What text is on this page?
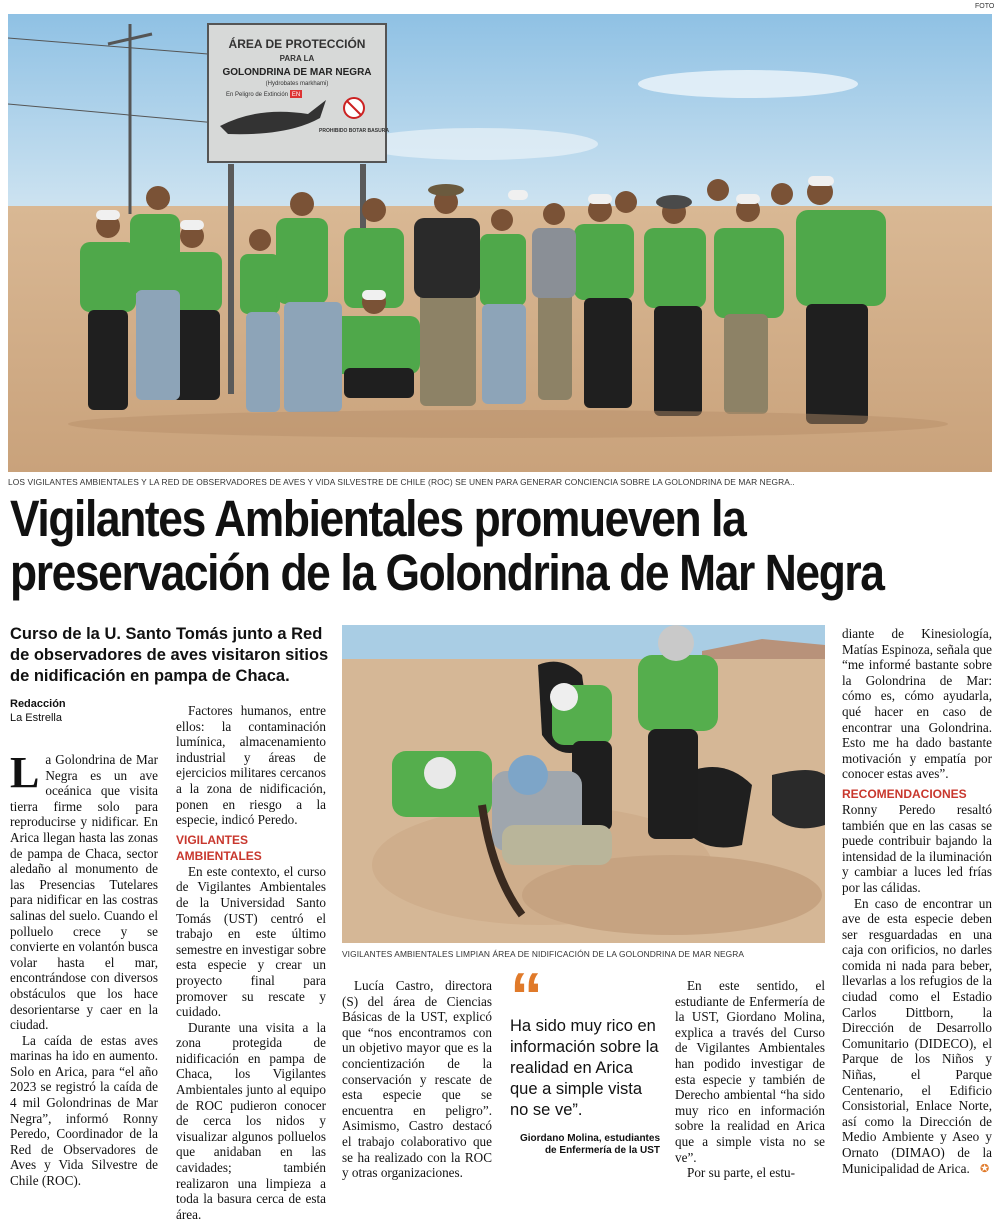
FOTO
ÁREA DE PROTECCIÓN
PARA LA
GOLONDRINA DE MAR NEGRA
(Hydrobates markhami)
En Peligro de Extinción EN
PROHIBIDO BOTAR BASURA
LOS VIGILANTES AMBIENTALES Y LA RED DE OBSERVADORES DE AVES Y VIDA SILVESTRE DE CHILE (ROC) SE UNEN PARA GENERAR CONCIENCIA SOBRE LA GOLONDRINA DE MAR NEGRA..
Vigilantes Ambientales promueven la
preservación de la Golondrina de Mar Negra
Curso de la U. Santo Tomás junto a Red de observadores de aves visitaron sitios de nidificación en pampa de Chaca.
Redacción
La Estrella

La Golondrina de Mar Negra es un ave oceánica que visita tierra firme solo para reproducirse y nidificar. En Arica llegan hasta las zonas de pampa de Chaca, sector aledaño al monumento de las Presencias Tutelares para nidificar en las costras salinas del suelo. Cuando el polluelo crece y se convierte en volantón busca volar hasta el mar, encontrándose con diversos obstáculos que los hace desorientarse y caer en la ciudad.

La caída de estas aves marinas ha ido en aumento. Solo en Arica, para “el año 2023 se registró la caída de 4 mil Golondrinas de Mar Negra”, informó Ronny Peredo, Coordinador de la Red de Observadores de Aves y Vida Silvestre de Chile (ROC).

Factores humanos, entre ellos: la contaminación lumínica, almacenamiento industrial y áreas de ejercicios militares cercanos a la zona de nidificación, ponen en riesgo a la especie, indicó Peredo.

VIGILANTES AMBIENTALES

En este contexto, el curso de Vigilantes Ambientales de la Universidad Santo Tomás (UST) centró el trabajo en este último semestre en investigar sobre esta especie y crear un proyecto final para promover su rescate y cuidado.

Durante una visita a la zona protegida de nidificación en pampa de Chaca, los Vigilantes Ambientales junto al equipo de ROC pudieron conocer de cerca los nidos y visualizar algunos polluelos que anidaban en las cavidades; también realizaron una limpieza a toda la basura cerca de esta área.

VIGILANTES AMBIENTALES LIMPIAN ÁREA DE NIDIFICACIÓN DE LA GOLONDRINA DE MAR NEGRA

Lucía Castro, directora (S) del área de Ciencias Básicas de la UST, explicó que “nos encontramos con un objetivo mayor que es la concientización de la conservación y rescate de esta especie que se encuentra en peligro”. Asimismo, Castro destacó el trabajo colaborativo que se ha realizado con la ROC y otras organizaciones.

“
Ha sido muy rico en información sobre la realidad en Arica que a simple vista no se ve”.
Giordano Molina, estudiantes
de Enfermería de la UST

En este sentido, el estudiante de Enfermería de la UST, Giordano Molina, explica a través del Curso de Vigilantes Ambientales han podido investigar de esta especie y también de Derecho ambiental “ha sido muy rico en información sobre la realidad en Arica que a simple vista no se ve”.

Por su parte, el estu-

diante de Kinesiología, Matías Espinoza, señala que “me informé bastante sobre la Golondrina de Mar: cómo es, cómo ayudarla, qué hacer en caso de encontrar una Golondrina. Esto me ha dado bastante motivación y empatía por conocer estas aves”.

RECOMENDACIONES

Ronny Peredo resaltó también que en las casas se puede contribuir bajando la intensidad de la iluminación y cambiar a luces led frías por las cálidas.

En caso de encontrar un ave de esta especie deben ser resguardadas en una caja con orificios, no darles comida ni nada para beber, llevarlas a los refugios de la ciudad como el Estadio Carlos Dittborn, la Dirección de Desarrollo Comunitario (DIDECO), el Parque de los Niños y Niñas, el Parque Centenario, el Edificio Consistorial, Enlace Norte, así como la Dirección de Medio Ambiente y Aseo y Ornato (DIMAO) de la Municipalidad de Arica. ✪
